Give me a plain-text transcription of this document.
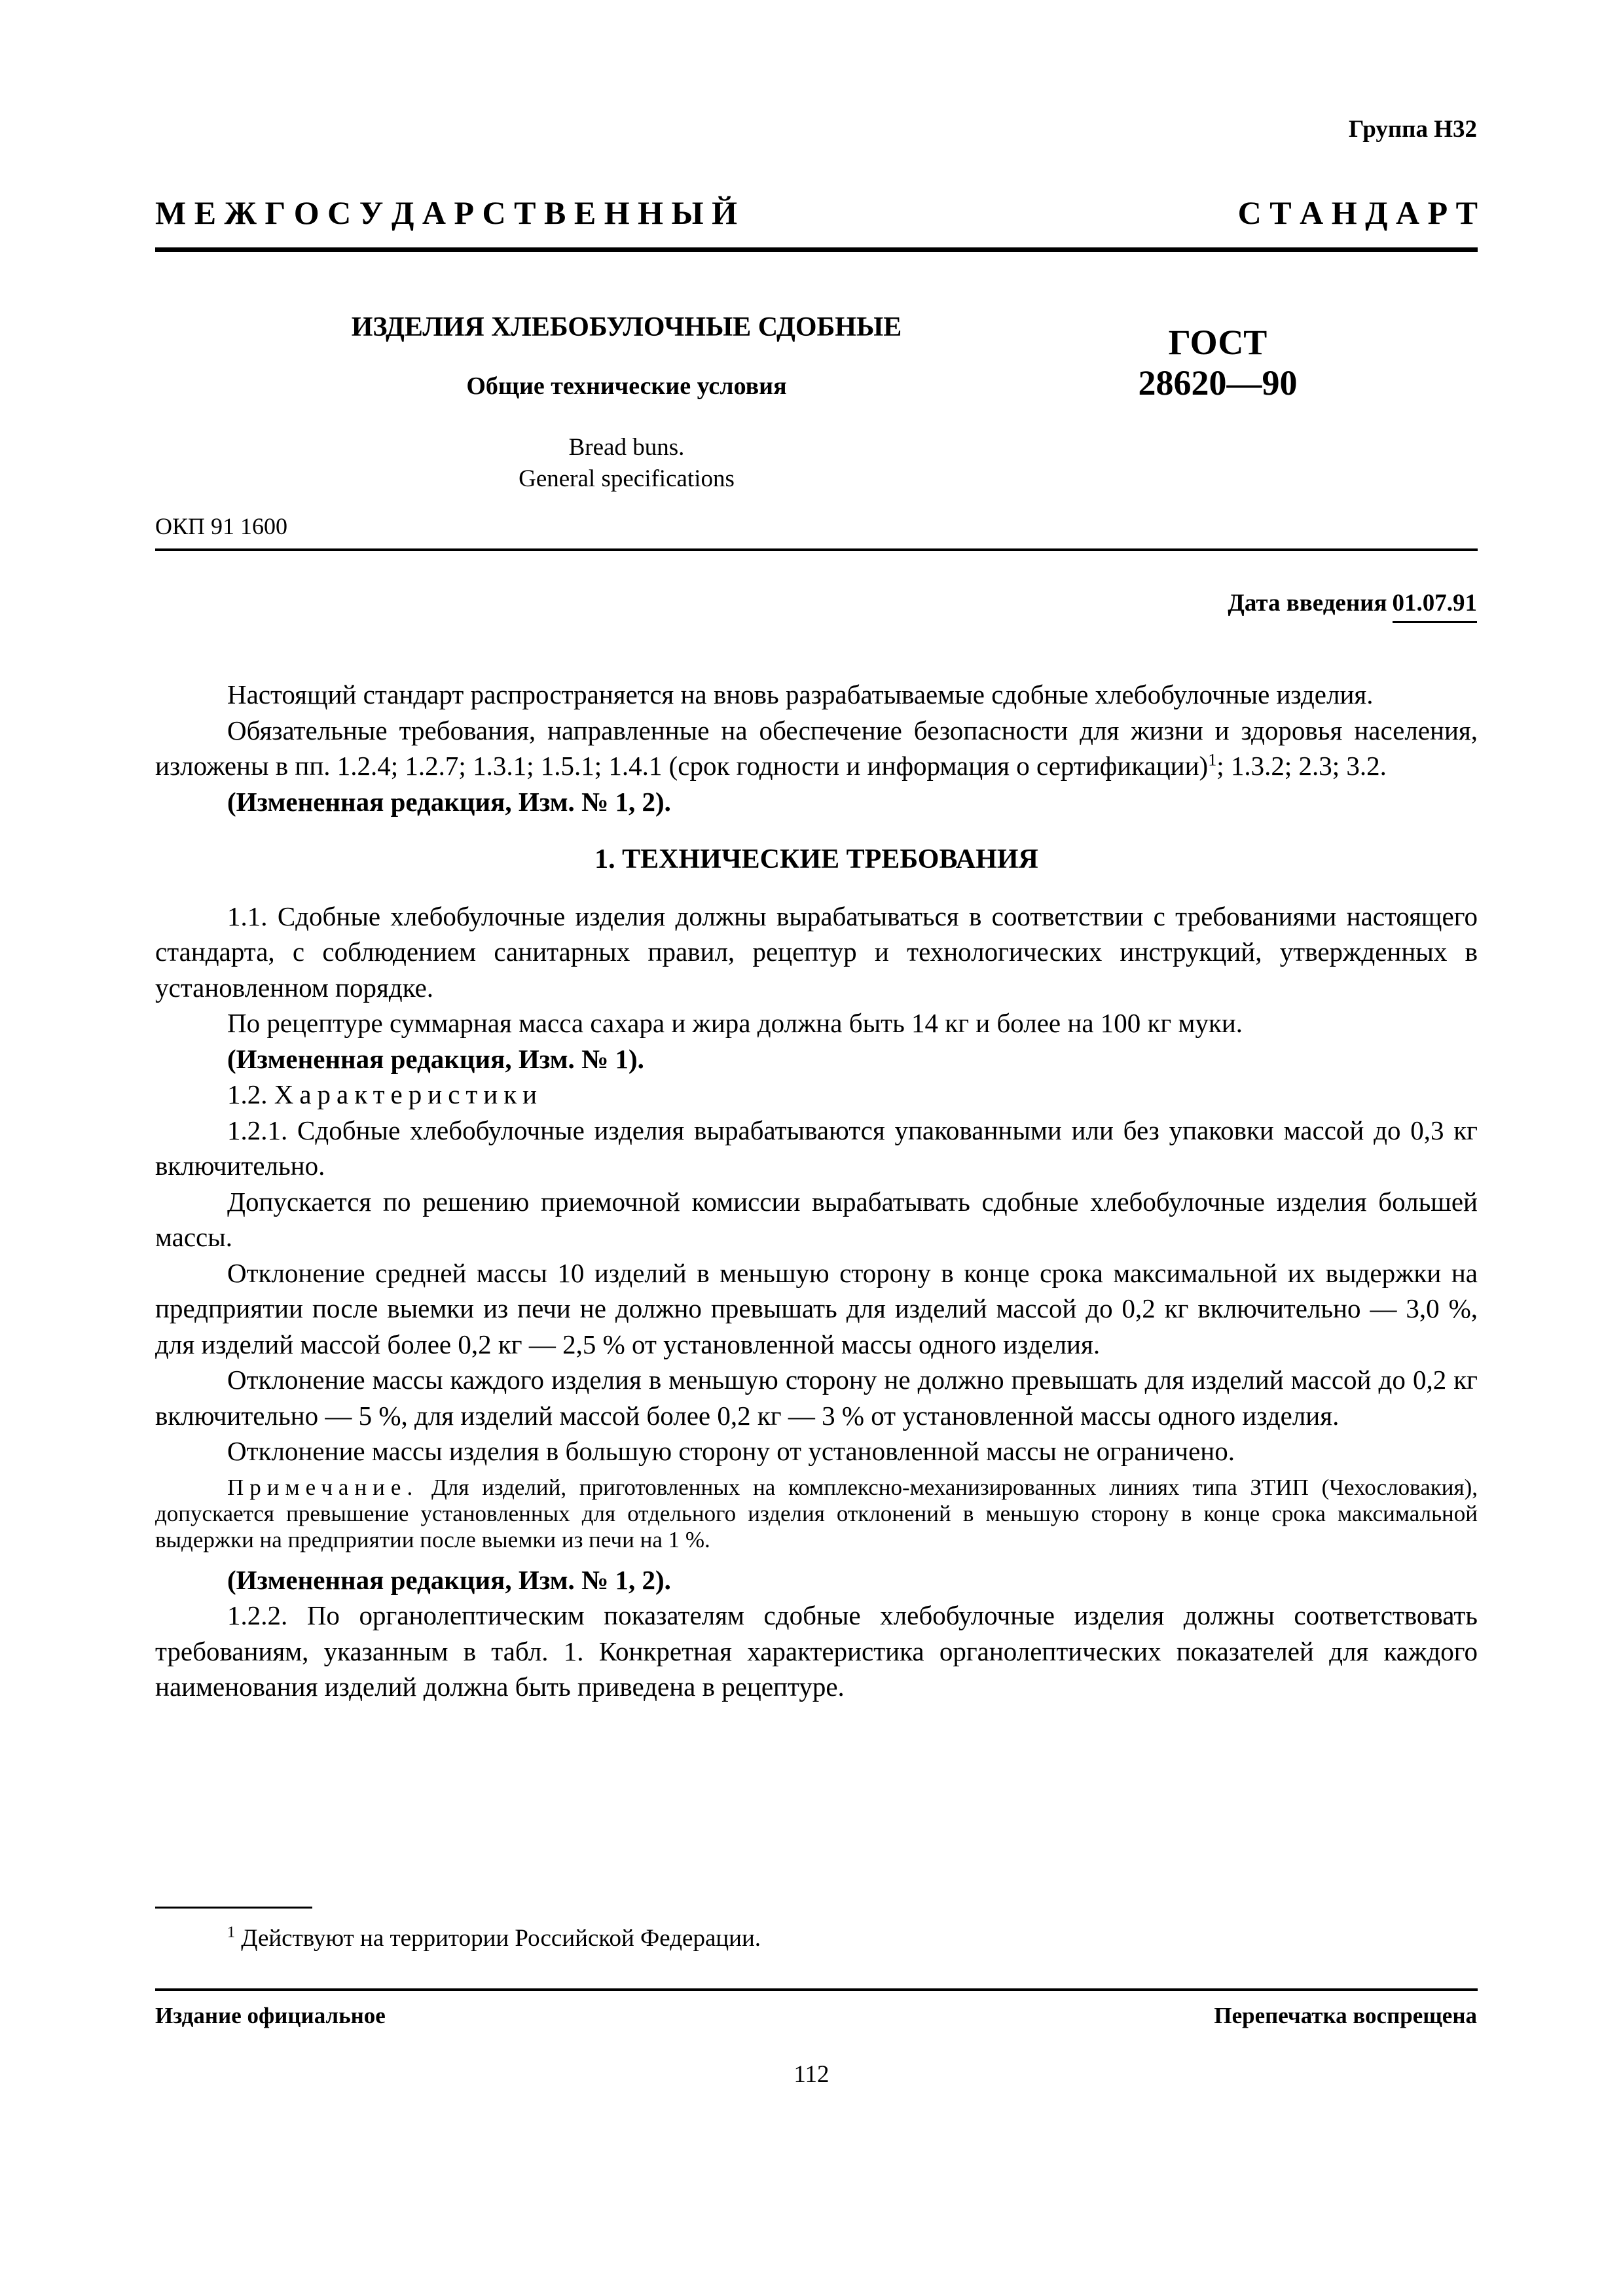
Группа Н32
М Е Ж Г О С У Д А Р С Т В Е Н Н Ы Й	С Т А Н Д А Р Т
ИЗДЕЛИЯ ХЛЕБОБУЛОЧНЫЕ СДОБНЫЕ
Общие технические условия
Bread buns.
General specifications
ГОСТ
28620—90
ОКП 91 1600
Дата введения 01.07.91

Настоящий стандарт распространяется на вновь разрабатываемые сдобные хлебобулочные изделия.

Обязательные требования, направленные на обеспечение безопасности для жизни и здоровья населения, изложены в пп. 1.2.4; 1.2.7; 1.3.1; 1.5.1; 1.4.1 (срок годности и информация о сертификации)$^1$; 1.3.2; 2.3; 3.2.

(Измененная редакция, Изм. № 1, 2).

1. ТЕХНИЧЕСКИЕ ТРЕБОВАНИЯ

1.1. Сдобные хлебобулочные изделия должны вырабатываться в соответствии с требованиями настоящего стандарта, с соблюдением санитарных правил, рецептур и технологических инструкций, утвержденных в установленном порядке.

По рецептуре суммарная масса сахара и жира должна быть 14 кг и более на 100 кг муки.

(Измененная редакция, Изм. № 1).

1.2. Характеристики

1.2.1. Сдобные хлебобулочные изделия вырабатываются упакованными или без упаковки массой до 0,3 кг включительно.

Допускается по решению приемочной комиссии вырабатывать сдобные хлебобулочные изделия большей массы.

Отклонение средней массы 10 изделий в меньшую сторону в конце срока максимальной их выдержки на предприятии после выемки из печи не должно превышать для изделий массой до 0,2 кг включительно — 3,0 %, для изделий массой более 0,2 кг — 2,5 % от установленной массы одного изделия.

Отклонение массы каждого изделия в меньшую сторону не должно превышать для изделий массой до 0,2 кг включительно — 5 %, для изделий массой более 0,2 кг — 3 % от установленной массы одного изделия.

Отклонение массы изделия в большую сторону от установленной массы не ограничено.

Примечание. Для изделий, приготовленных на комплексно-механизированных линиях типа ЗТИП (Чехословакия), допускается превышение установленных для отдельного изделия отклонений в меньшую сторону в конце срока максимальной выдержки на предприятии после выемки из печи на 1 %.

(Измененная редакция, Изм. № 1, 2).

1.2.2. По органолептическим показателям сдобные хлебобулочные изделия должны соответствовать требованиям, указанным в табл. 1. Конкретная характеристика органолептических показателей для каждого наименования изделий должна быть приведена в рецептуре.

$^1$ Действуют на территории Российской Федерации.
Издание официальное	Перепечатка воспрещена
112
